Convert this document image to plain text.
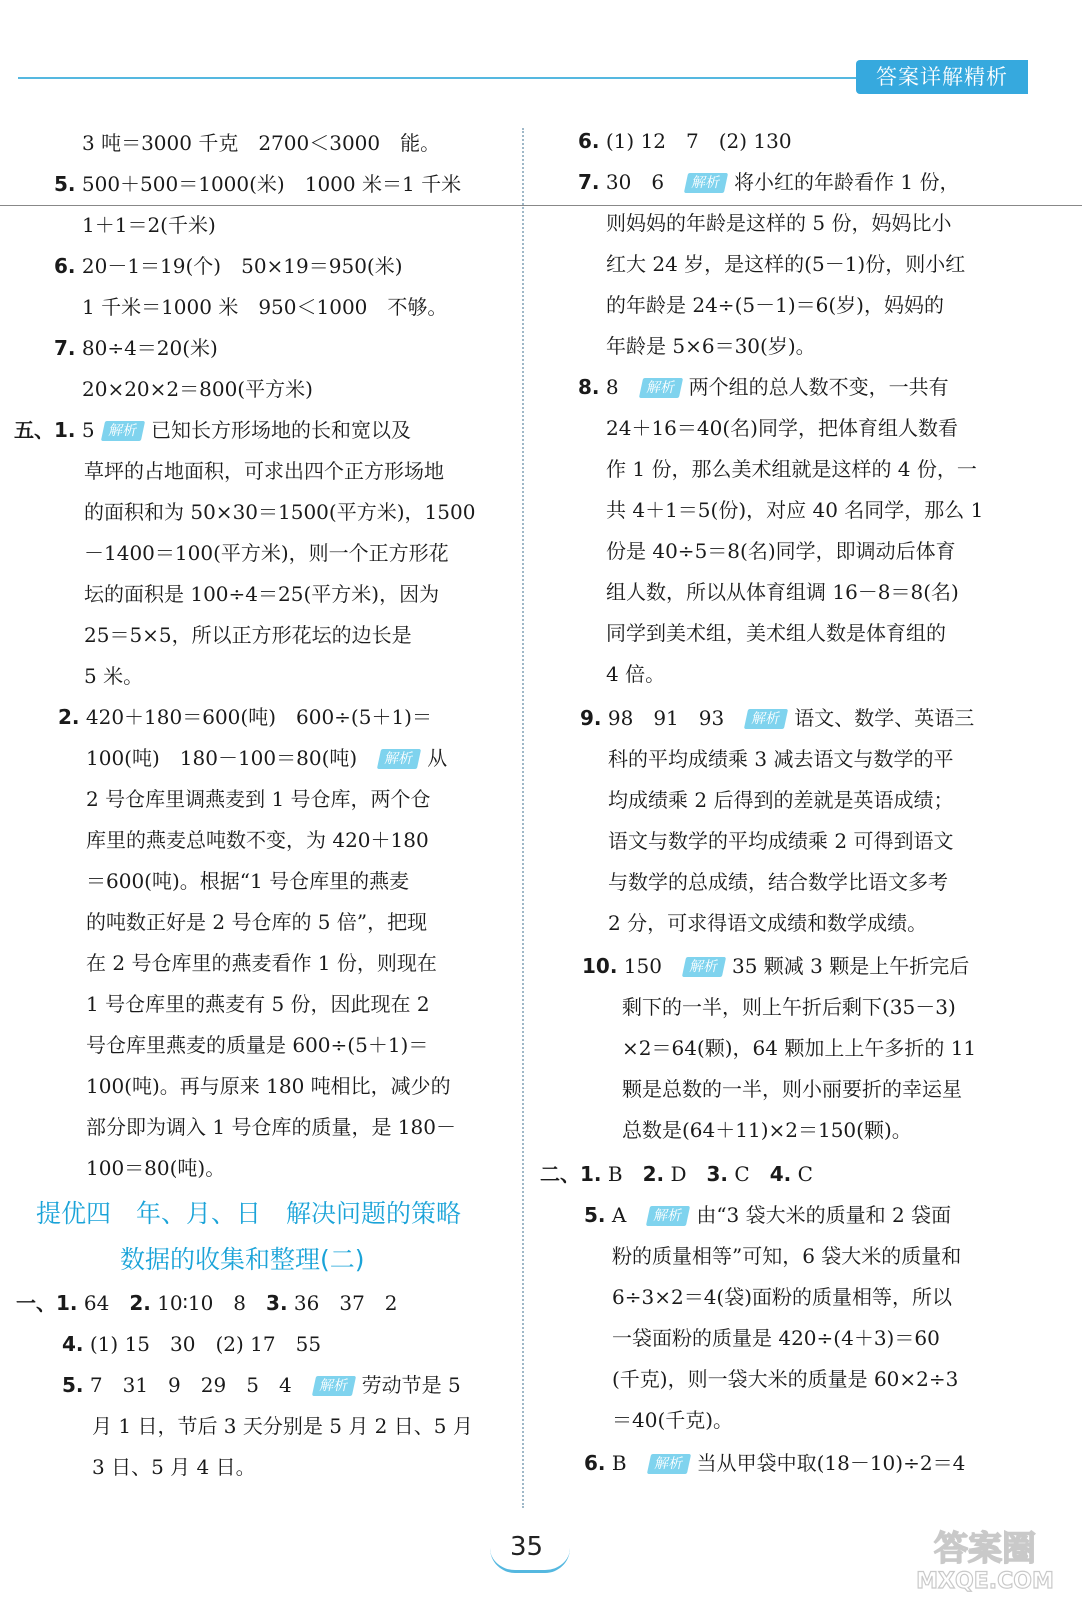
答案详解精析
3 吨＝3000 千克　2700＜3000　能。
5. 500＋500＝1000(米)　1000 米＝1 千米
1＋1＝2(千米)
6. 20－1＝19(个)　50×19＝950(米)
1 千米＝1000 米　950＜1000　不够。
7. 80÷4＝20(米)
20×20×2＝800(平方米)
五、1. 5 解析 已知长方形场地的长和宽以及
草坪的占地面积，可求出四个正方形场地
的面积和为 50×30＝1500(平方米)，1500
－1400＝100(平方米)，则一个正方形花
坛的面积是 100÷4＝25(平方米)，因为
25＝5×5，所以正方形花坛的边长是
5 米。
2. 420＋180＝600(吨)　600÷(5＋1)＝
100(吨)　180－100＝80(吨)　 解析 从
2 号仓库里调燕麦到 1 号仓库，两个仓
库里的燕麦总吨数不变，为 420＋180
＝600(吨)。根据“1 号仓库里的燕麦
的吨数正好是 2 号仓库的 5 倍”，把现
在 2 号仓库里的燕麦看作 1 份，则现在
1 号仓库里的燕麦有 5 份，因此现在 2
号仓库里燕麦的质量是 600÷(5＋1)＝
100(吨)。再与原来 180 吨相比，减少的
部分即为调入 1 号仓库的质量，是 180－
100＝80(吨)。
提优四　年、月、日　解决问题的策略
数据的收集和整理(二)
一、1. 64　 2. 10∶10　8　 3. 36　37　2
4. (1) 15　30　(2) 17　55
5. 7　31　9　29　5　4　 解析 劳动节是 5
月 1 日，节后 3 天分别是 5 月 2 日、5 月
3 日、5 月 4 日。
6. (1) 12　7　(2) 130
7. 30　6　 解析 将小红的年龄看作 1 份，
则妈妈的年龄是这样的 5 份，妈妈比小
红大 24 岁，是这样的(5－1)份，则小红
的年龄是 24÷(5－1)＝6(岁)，妈妈的
年龄是 5×6＝30(岁)。
8. 8　 解析 两个组的总人数不变，一共有
24＋16＝40(名)同学，把体育组人数看
作 1 份，那么美术组就是这样的 4 份，一
共 4＋1＝5(份)，对应 40 名同学，那么 1
份是 40÷5＝8(名)同学，即调动后体育
组人数，所以从体育组调 16－8＝8(名)
同学到美术组，美术组人数是体育组的
4 倍。
9. 98　91　93　 解析 语文、数学、英语三
科的平均成绩乘 3 减去语文与数学的平
均成绩乘 2 后得到的差就是英语成绩；
语文与数学的平均成绩乘 2 可得到语文
与数学的总成绩，结合数学比语文多考
2 分，可求得语文成绩和数学成绩。
10. 150　 解析 35 颗减 3 颗是上午折完后
剩下的一半，则上午折后剩下(35－3)
×2＝64(颗)，64 颗加上上午多折的 11
颗是总数的一半，则小丽要折的幸运星
总数是(64＋11)×2＝150(颗)。
二、1. B　 2. D　 3. C　 4. C
5. A　 解析 由“3 袋大米的质量和 2 袋面
粉的质量相等”可知，6 袋大米的质量和
6÷3×2＝4(袋)面粉的质量相等，所以
一袋面粉的质量是 420÷(4＋3)＝60
(千克)，则一袋大米的质量是 60×2÷3
＝40(千克)。
6. B　 解析 当从甲袋中取(18－10)÷2＝4
35	答案圈
MXQE.COM
